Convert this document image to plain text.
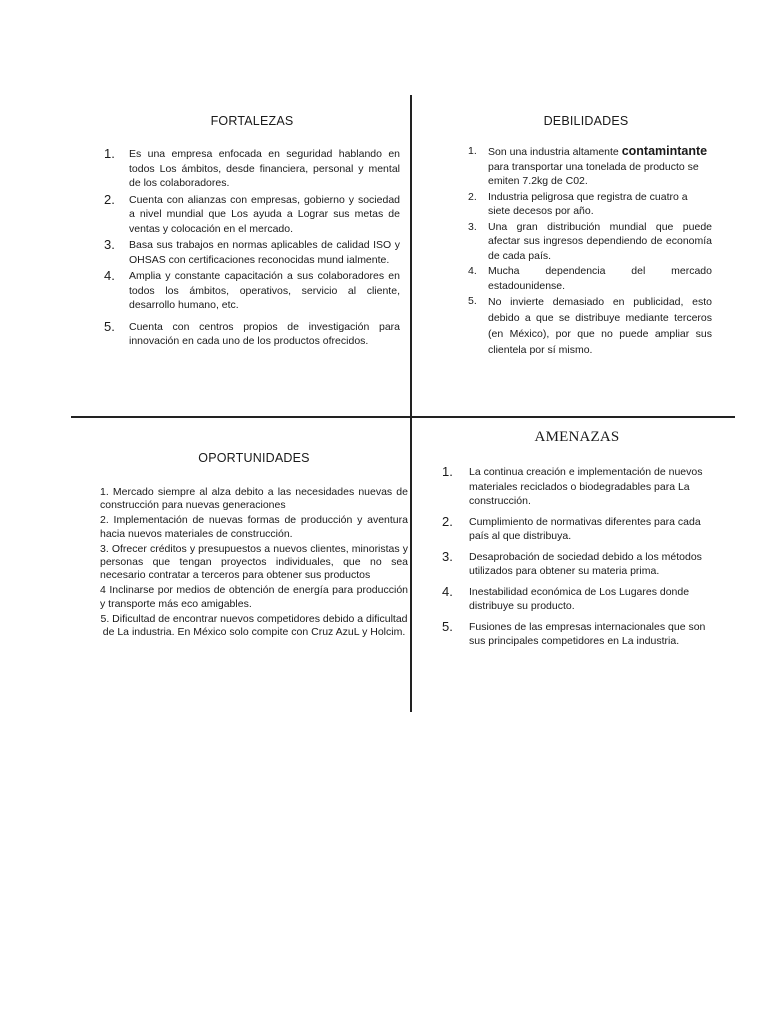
FORTALEZAS
1.	Es una empresa enfocada en seguridad hablando en todos Los ámbitos, desde financiera, personal y mental de los colaboradores.
2.	Cuenta con alianzas con empresas, gobierno y sociedad a nivel mundial que Los ayuda a Lograr sus metas de ventas y colocación en el mercado.
3.	Basa sus trabajos en normas aplicables de calidad ISO y OHSAS con certificaciones reconocidas mund ialmente.
4.	Amplia y constante capacitación a sus colaboradores en todos los ámbitos, operativos, servicio al cliente, desarrollo humano, etc.
5.	Cuenta con centros propios de investigación para innovación en cada uno de los productos ofrecidos.
DEBILIDADES
1.	Son una industria altamente contamintante para transportar una tonelada de producto se emiten 7.2kg de C02.
2.	Industria peligrosa que registra de cuatro a siete decesos por año.
3.	Una gran distribución mundial que puede afectar sus ingresos dependiendo de economía de cada país.
4.	Mucha dependencia del mercado estadounidense.
5.	No invierte demasiado en publicidad, esto debido a que se distribuye mediante terceros (en México), por que no puede ampliar sus clientela por sí mismo.
OPORTUNIDADES
1. Mercado siempre al alza debito a las necesidades nuevas de construcción para nuevas generaciones
2. Implementación de nuevas formas de producción y aventura hacia nuevos materiales de construcción.
3. Ofrecer créditos y presupuestos a nuevos clientes, minoristas y personas que tengan proyectos individuales, que no sea necesario contratar a terceros para obtener sus productos
4 Inclinarse por medios de obtención de energía para producción y transporte más eco amigables.
5. Dificultad de encontrar nuevos competidores debido a dificultad de La industria. En México solo compite con Cruz AzuL y Holcim.
AMENAZAS
1.	La continua creación e implementación de nuevos materiales reciclados o biodegradables para La construcción.
2.	Cumplimiento de normativas diferentes para cada país al que distribuya.
3.	Desaprobación de sociedad debido a los métodos utilizados para obtener su materia prima.
4.	Inestabilidad económica de Los Lugares donde distribuye su producto.
5.	Fusiones de las empresas internacionales que son sus principales competidores en La industria.
